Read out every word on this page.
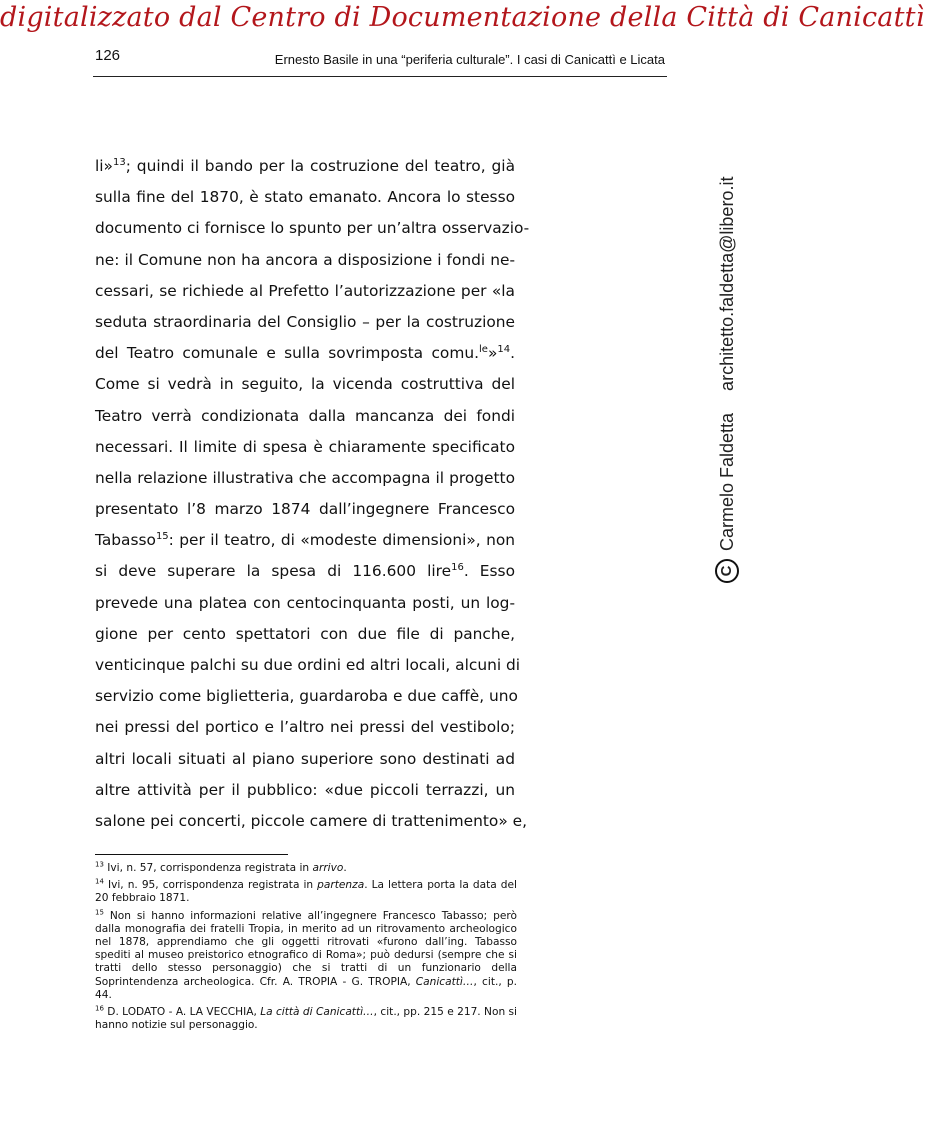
digitalizzato dal Centro di Documentazione della Città di Canicattì
126	Ernesto Basile in una “periferia culturale”. I casi di Canicattì e Licata
li»$^{13}$; quindi il bando per la costruzione del teatro, già
sulla fine del 1870, è stato emanato. Ancora lo stesso
documento ci fornisce lo spunto per un’altra osservazio-
ne: il Comune non ha ancora a disposizione i fondi ne-
cessari, se richiede al Prefetto l’autorizzazione per «la
seduta straordinaria del Consiglio – per la costruzione
del Teatro comunale e sulla sovrimposta comu.$^{le}$»$^{14}$.
Come si vedrà in seguito, la vicenda costruttiva del
Teatro verrà condizionata dalla mancanza dei fondi
necessari. Il limite di spesa è chiaramente specificato
nella relazione illustrativa che accompagna il progetto
presentato l’8 marzo 1874 dall’ingegnere Francesco
Tabasso$^{15}$: per il teatro, di «modeste dimensioni», non
si deve superare la spesa di 116.600 lire$^{16}$. Esso
prevede una platea con centocinquanta posti, un log-
gione per cento spettatori con due file di panche,
venticinque palchi su due ordini ed altri locali, alcuni di
servizio come biglietteria, guardaroba e due caffè, uno
nei pressi del portico e l’altro nei pressi del vestibolo;
altri locali situati al piano superiore sono destinati ad
altre attività per il pubblico: «due piccoli terrazzi, un
salone pei concerti, piccole camere di trattenimento» e,
$^{13}$ Ivi, n. 57, corrispondenza registrata in arrivo.
$^{14}$ Ivi, n. 95, corrispondenza registrata in partenza. La lettera porta la data del 20 febbraio 1871.
$^{15}$ Non si hanno informazioni relative all’ingegnere Francesco Tabasso; però dalla monografia dei fratelli Tropia, in merito ad un ritrovamento archeologico nel 1878, apprendiamo che gli oggetti ritrovati «furono dall’ing. Tabasso spediti al museo preistorico etnografico di Roma»; può dedursi (sempre che si tratti dello stesso personaggio) che si tratti di un funzionario della Soprintendenza archeologica. Cfr. A. TROPIA - G. TROPIA, Canicattì…, cit., p. 44.
$^{16}$ D. LODATO - A. LA VECCHIA, La città di Canicattì…, cit., pp. 215 e 217. Non si hanno notizie sul personaggio.
C
Carmelo Faldetta
architetto.faldetta@libero.it
